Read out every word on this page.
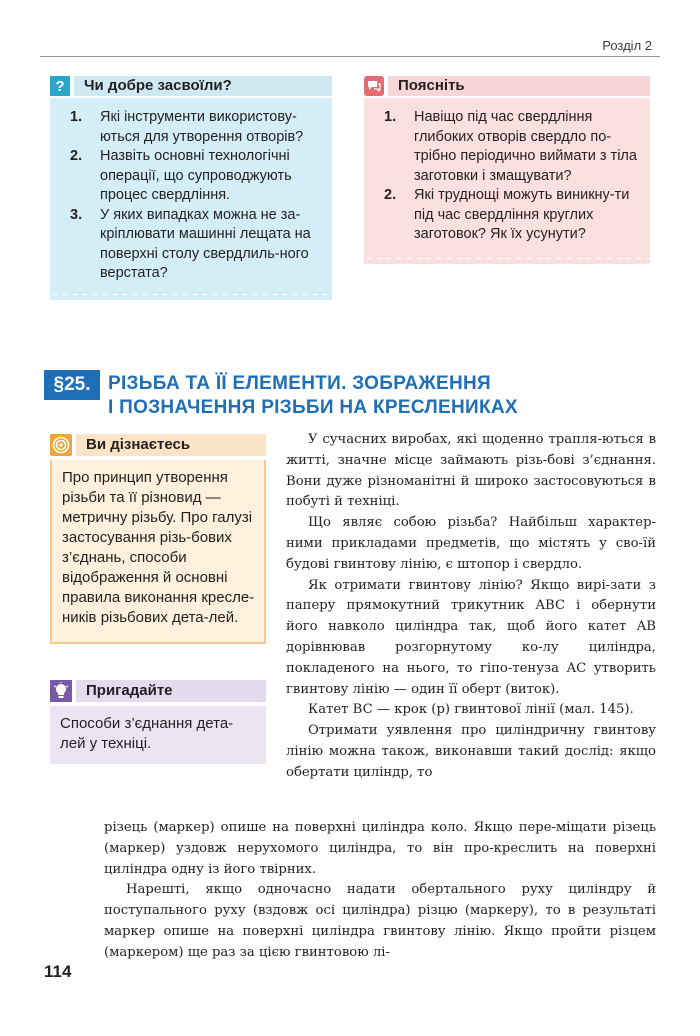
Розділ 2
?	Чи добре засвоїли?
1. Які інструменти використову-ються для утворення отворів?
2. Назвіть основні технологічні операції, що супроводжують процес свердління.
3. У яких випадках можна не за-кріплювати машинні лещата на поверхні столу свердлиль-ного верстата?
Поясніть
1. Навіщо під час свердління глибоких отворів свердло по-трібно періодично виймати з тіла заготовки і змащувати?
2. Які труднощі можуть виникну-ти під час свердління круглих заготовок? Як їх усунути?
§25. РІЗЬБА ТА ЇЇ ЕЛЕМЕНТИ. ЗОБРАЖЕННЯ
І ПОЗНАЧЕННЯ РІЗЬБИ НА КРЕСЛЕНИКАХ
Ви дізнаєтесь
Про принцип утворення різьби та її різновид — метричну різьбу. Про галузі застосування різь-бових з’єднань, способи відображення й основні правила виконання кресле-ників різьбових дета-лей.
Пригадайте
Способи з’єднання дета-лей у техніці.

У сучасних виробах, які щоденно трапля-ються в житті, значне місце займають різь-бові з’єднання. Вони дуже різноманітні й широко застосовуються в побуті й техніці.

Що являє собою різьба? Найбільш характер-ними прикладами предметів, що містять у сво-їй будові гвинтову лінію, є штопор і свердло.

Як отримати гвинтову лінію? Якщо вирі-зати з паперу прямокутний трикутник ABC і обернути його навколо циліндра так, щоб його катет AB дорівнював розгорнутому ко-лу циліндра, покладеного на нього, то гіпо-тенуза AC утворить гвинтову лінію — один її оберт (виток).

Катет BC — крок (p) гвинтової лінії (мал. 145).

Отримати уявлення про циліндричну гвинтову лінію можна також, виконавши такий дослід: якщо обертати циліндр, то

різець (маркер) опише на поверхні циліндра коло. Якщо пере-міщати різець (маркер) уздовж нерухомого циліндра, то він про-креслить на поверхні циліндра одну із його твірних.

Нарешті, якщо одночасно надати обертального руху циліндру й поступального руху (вздовж осі циліндра) різцю (маркеру), то в результаті маркер опише на поверхні циліндра гвинтову лінію. Якщо пройти різцем (маркером) ще раз за цією гвинтовою лі-

114
